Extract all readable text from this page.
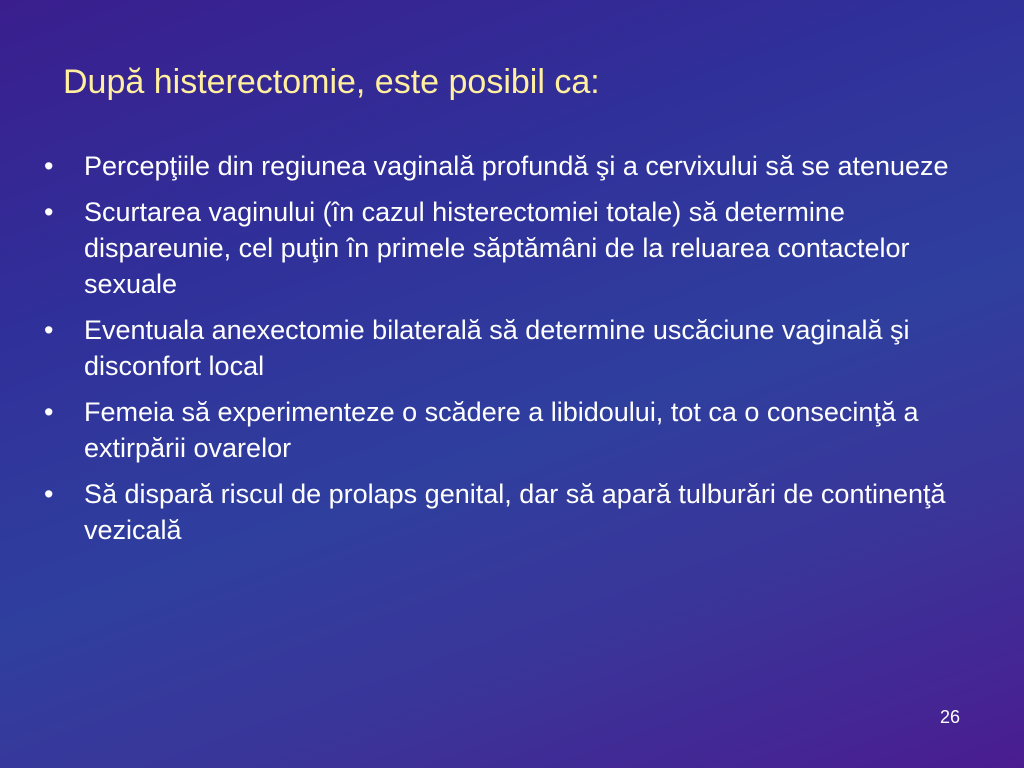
După histerectomie, este posibil ca:
• Percepţiile din regiunea vaginală profundă şi a cervixului să se atenueze
• Scurtarea vaginului (în cazul histerectomiei totale) să determine dispareunie, cel puţin în primele săptămâni de la reluarea contactelor sexuale
• Eventuala anexectomie bilaterală să determine uscăciune vaginală şi disconfort local
• Femeia să experimenteze o scădere a libidoului, tot ca o consecinţă a extirpării ovarelor
• Să dispară riscul de prolaps genital, dar să apară tulburări de continenţă vezicală
26
